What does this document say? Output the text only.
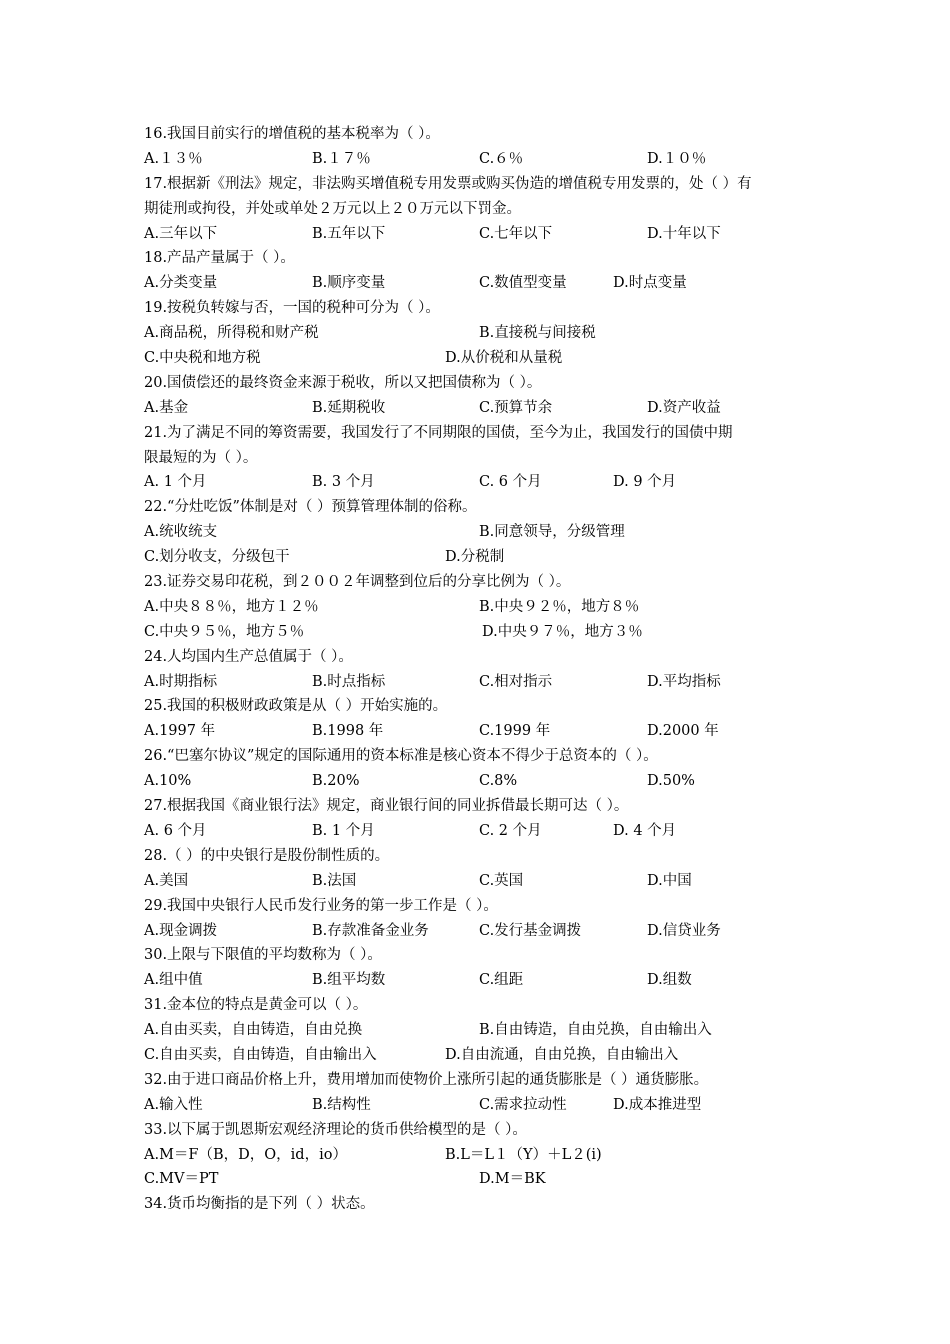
16.我国目前实行的增值税的基本税率为（ ）。
A.１３％	B.１７％	C.６％	D.１０％
17.根据新《刑法》规定，非法购买增值税专用发票或购买伪造的增值税专用发票的，处（ ）有
期徒刑或拘役，并处或单处２万元以上２０万元以下罚金。
A.三年以下	B.五年以下	C.七年以下	D.十年以下
18.产品产量属于（ ）。
A.分类变量	B.顺序变量	C.数值型变量	D.时点变量
19.按税负转嫁与否，一国的税种可分为（ ）。
A.商品税，所得税和财产税	B.直接税与间接税
C.中央税和地方税	D.从价税和从量税
20.国债偿还的最终资金来源于税收，所以又把国债称为（ ）。
A.基金	B.延期税收	C.预算节余	D.资产收益
21.为了满足不同的筹资需要，我国发行了不同期限的国债，至今为止，我国发行的国债中期
限最短的为（ ）。
A. 1 个月	B. 3 个月	C. 6 个月	D. 9 个月
22.“分灶吃饭”体制是对（ ）预算管理体制的俗称。
A.统收统支	B.同意领导，分级管理
C.划分收支，分级包干	D.分税制
23.证券交易印花税，到２００２年调整到位后的分享比例为（ ）。
A.中央８８％，地方１２％	B.中央９２％，地方８％
C.中央９５％，地方５％	D.中央９７％，地方３％
24.人均国内生产总值属于（ ）。
A.时期指标	B.时点指标	C.相对指示	D.平均指标
25.我国的积极财政政策是从（ ）开始实施的。
A.1997 年	B.1998 年	C.1999 年	D.2000 年
26.“巴塞尔协议”规定的国际通用的资本标准是核心资本不得少于总资本的（ ）。
A.10%	B.20%	C.8%	D.50%
27.根据我国《商业银行法》规定，商业银行间的同业拆借最长期可达（ ）。
A. 6 个月	B. 1 个月	C. 2 个月	D. 4 个月
28.（ ）的中央银行是股份制性质的。
A.美国	B.法国	C.英国	D.中国
29.我国中央银行人民币发行业务的第一步工作是（ ）。
A.现金调拨	B.存款准备金业务	C.发行基金调拨	D.信贷业务
30.上限与下限值的平均数称为（ ）。
A.组中值	B.组平均数	C.组距	D.组数
31.金本位的特点是黄金可以（ ）。
A.自由买卖，自由铸造，自由兑换	B.自由铸造，自由兑换，自由输出入
C.自由买卖，自由铸造，自由输出入	D.自由流通，自由兑换，自由输出入
32.由于进口商品价格上升，费用增加而使物价上涨所引起的通货膨胀是（ ）通货膨胀。
A.输入性	B.结构性	C.需求拉动性	D.成本推进型
33.以下属于凯恩斯宏观经济理论的货币供给模型的是（ ）。
A.M＝F（B，D，O，id，io）	B.L＝L１（Y）＋L２(i)
C.MV＝PT	D.M＝BK
34.货币均衡指的是下列（ ）状态。
